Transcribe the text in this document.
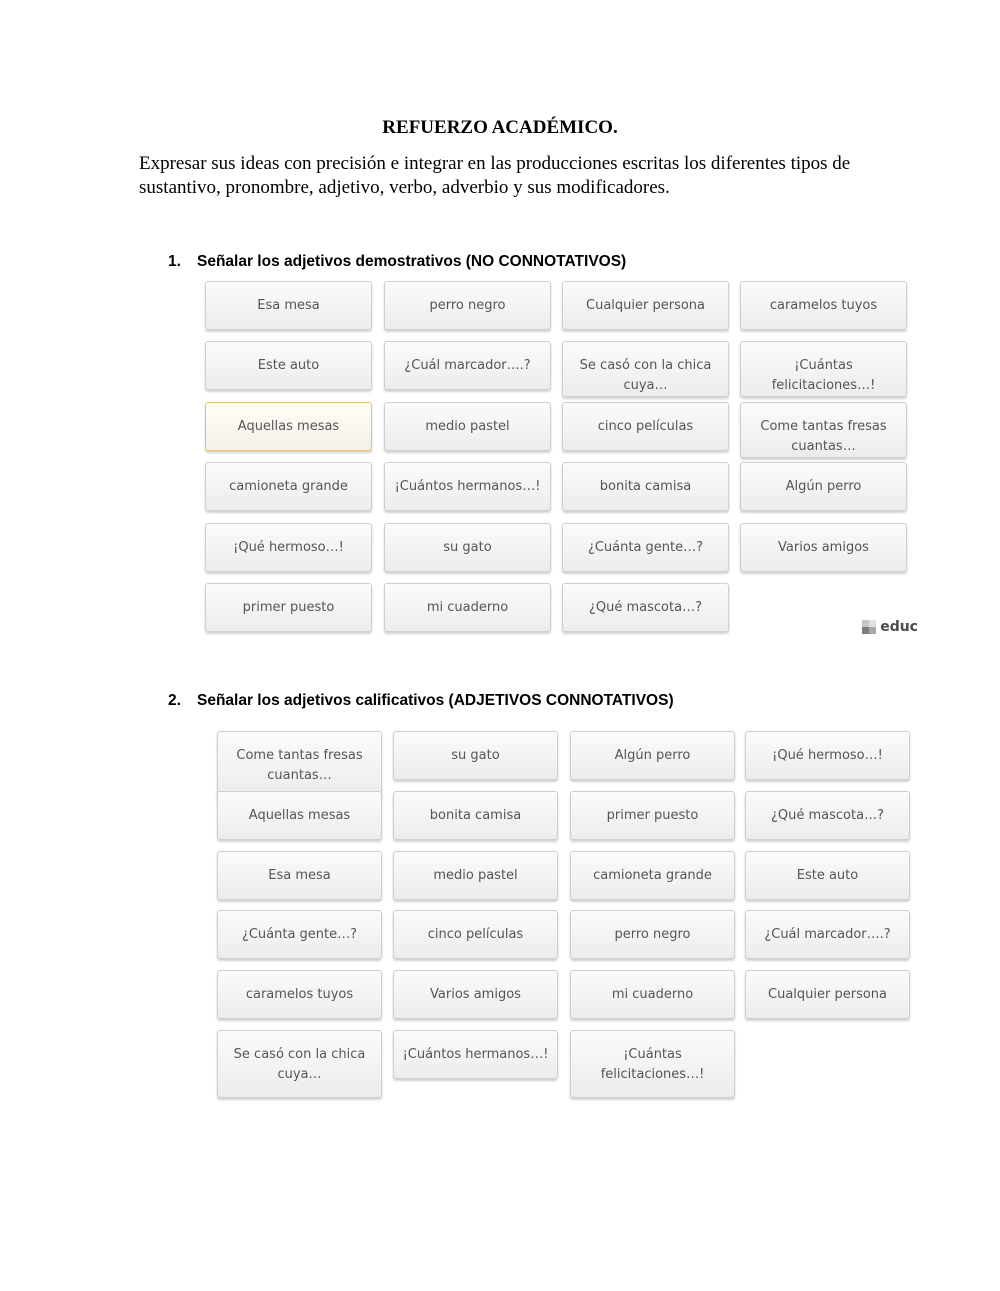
REFUERZO ACADÉMICO.
Expresar sus ideas con precisión e integrar en las producciones escritas los diferentes tipos de sustantivo, pronombre, adjetivo, verbo, adverbio y sus modificadores.
1. Señalar los adjetivos demostrativos (NO CONNOTATIVOS)
Esa mesa	perro negro	Cualquier persona	caramelos tuyos
Este auto	¿Cuál marcador….?	Se casó con la chica cuya…
¡Cuántas felicitaciones…!
Aquellas mesas	medio pastel	cinco películas	Come tantas fresas cuantas…
camioneta grande	¡Cuántos hermanos…!	bonita camisa	Algún perro
¡Qué hermoso…!	su gato	¿Cuánta gente…?	Varios amigos
primer puesto	mi cuaderno	¿Qué mascota…?
educ
2. Señalar los adjetivos calificativos (ADJETIVOS CONNOTATIVOS)
Come tantas fresas cuantas…
su gato	Algún perro	¡Qué hermoso…!
Aquellas mesas	bonita camisa	primer puesto	¿Qué mascota…?
Esa mesa	medio pastel	camioneta grande	Este auto
¿Cuánta gente…?	cinco películas	perro negro	¿Cuál marcador….?
caramelos tuyos	Varios amigos	mi cuaderno	Cualquier persona
Se casó con la chica cuya…
¡Cuántos hermanos…!	¡Cuántas felicitaciones…!
